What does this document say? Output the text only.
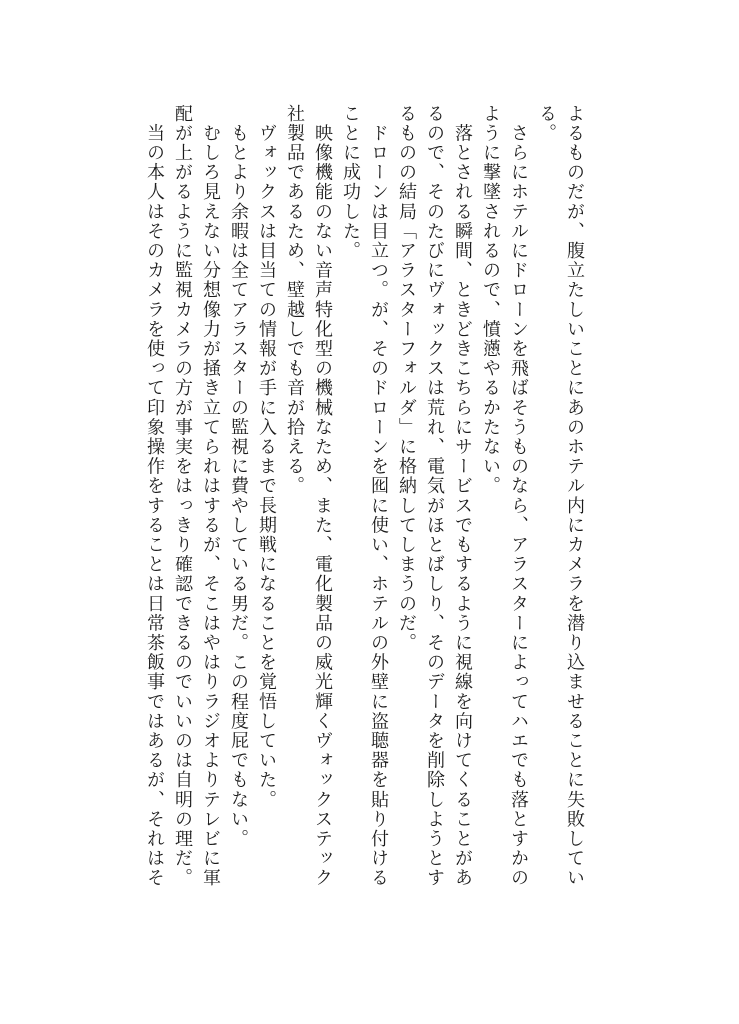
よるものだが、腹立たしいことにあのホテル内にカメラを潜り込ませることに失敗してい
る。
　さらにホテルにドローンを飛ばそうものなら、アラスターによってハエでも落とすかの
ように撃墜されるので、憤懣やるかたない。
　落とされる瞬間、ときどきこちらにサービスでもするように視線を向けてくることがあ
るので、そのたびにヴォックスは荒れ、電気がほとばしり、そのデータを削除しようとす
るものの結局「アラスターフォルダ」に格納してしまうのだ。
　ドローンは目立つ。が、そのドローンを囮に使い、ホテルの外壁に盗聴器を貼り付ける
ことに成功した。
　映像機能のない音声特化型の機械なため、また、電化製品の威光輝くヴォックステック
社製品であるため、壁越しでも音が拾える。
　ヴォックスは目当ての情報が手に入るまで長期戦になることを覚悟していた。
　もとより余暇は全てアラスターの監視に費やしている男だ。この程度屁でもない。
　むしろ見えない分想像力が掻き立てられはするが、そこはやはりラジオよりテレビに軍
配が上がるように監視カメラの方が事実をはっきり確認できるのでいいのは自明の理だ。
　当の本人はそのカメラを使って印象操作をすることは日常茶飯事ではあるが、それはそ
